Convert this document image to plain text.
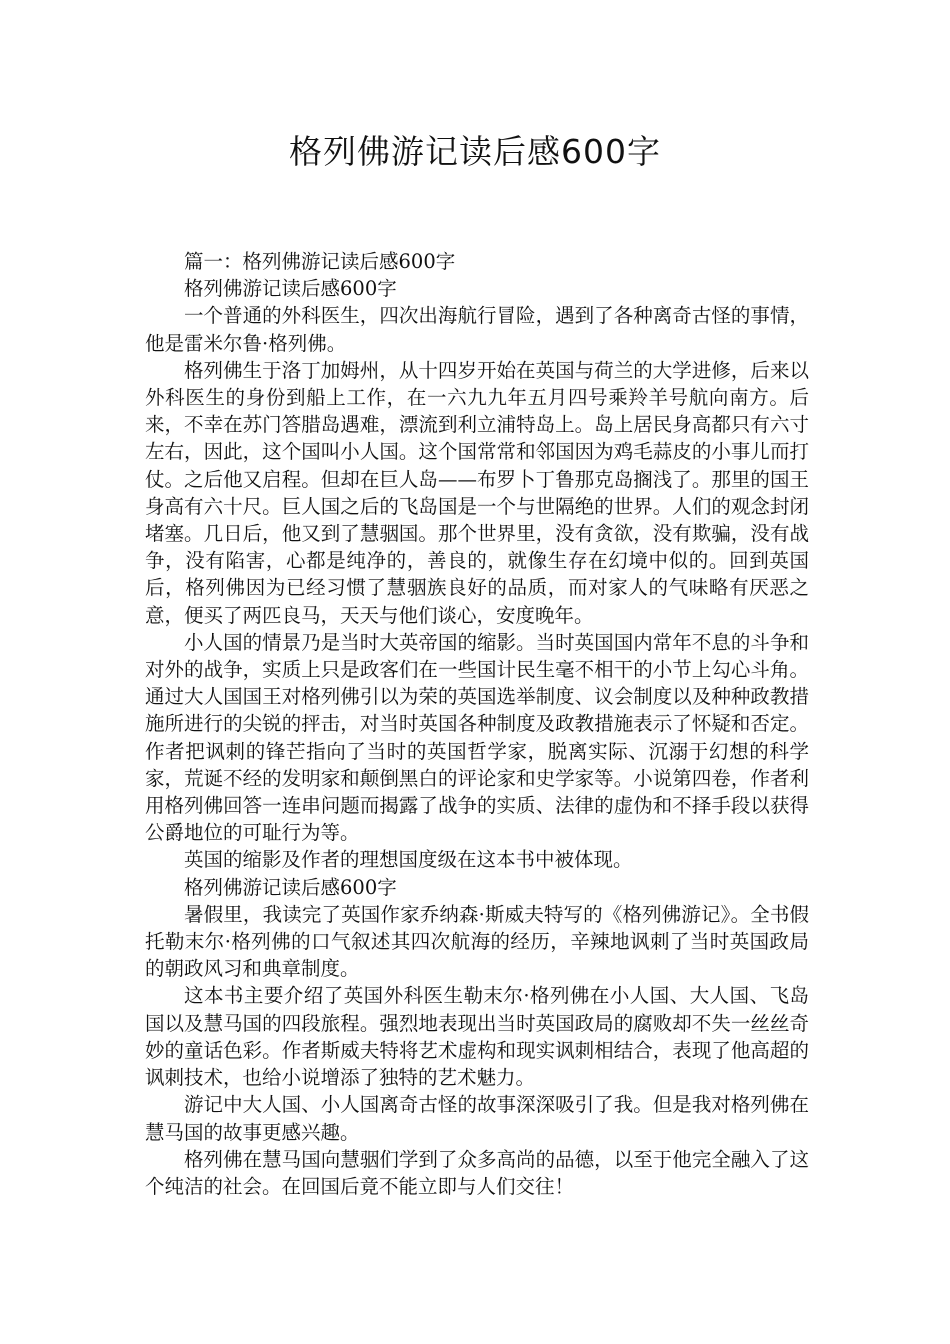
格列佛游记读后感600字

篇一：格列佛游记读后感600字

格列佛游记读后感600字

一个普通的外科医生，四次出海航行冒险，遇到了各种离奇古怪的事情，他是雷米尔鲁·格列佛。

格列佛生于洛丁加姆州，从十四岁开始在英国与荷兰的大学进修，后来以外科医生的身份到船上工作，在一六九九年五月四号乘羚羊号航向南方。后来，不幸在苏门答腊岛遇难，漂流到利立浦特岛上。岛上居民身高都只有六寸左右，因此，这个国叫小人国。这个国常常和邻国因为鸡毛蒜皮的小事儿而打仗。之后他又启程。但却在巨人岛——布罗卜丁鲁那克岛搁浅了。那里的国王身高有六十尺。巨人国之后的飞岛国是一个与世隔绝的世界。人们的观念封闭堵塞。几日后，他又到了慧骃国。那个世界里，没有贪欲，没有欺骗，没有战争，没有陷害，心都是纯净的，善良的，就像生存在幻境中似的。回到英国后，格列佛因为已经习惯了慧骃族良好的品质，而对家人的气味略有厌恶之意，便买了两匹良马，天天与他们谈心，安度晚年。

小人国的情景乃是当时大英帝国的缩影。当时英国国内常年不息的斗争和对外的战争，实质上只是政客们在一些国计民生毫不相干的小节上勾心斗角。通过大人国国王对格列佛引以为荣的英国选举制度、议会制度以及种种政教措施所进行的尖锐的抨击，对当时英国各种制度及政教措施表示了怀疑和否定。作者把讽刺的锋芒指向了当时的英国哲学家，脱离实际、沉溺于幻想的科学家，荒诞不经的发明家和颠倒黑白的评论家和史学家等。小说第四卷，作者利用格列佛回答一连串问题而揭露了战争的实质、法律的虚伪和不择手段以获得公爵地位的可耻行为等。

英国的缩影及作者的理想国度级在这本书中被体现。

格列佛游记读后感600字

暑假里，我读完了英国作家乔纳森·斯威夫特写的《格列佛游记》。全书假托勒末尔·格列佛的口气叙述其四次航海的经历，辛辣地讽刺了当时英国政局的朝政风习和典章制度。

这本书主要介绍了英国外科医生勒末尔·格列佛在小人国、大人国、飞岛国以及慧马国的四段旅程。强烈地表现出当时英国政局的腐败却不失一丝丝奇妙的童话色彩。作者斯威夫特将艺术虚构和现实讽刺相结合，表现了他高超的讽刺技术，也给小说增添了独特的艺术魅力。

游记中大人国、小人国离奇古怪的故事深深吸引了我。但是我对格列佛在慧马国的故事更感兴趣。

格列佛在慧马国向慧骃们学到了众多高尚的品德，以至于他完全融入了这个纯洁的社会。在回国后竟不能立即与人们交往！
